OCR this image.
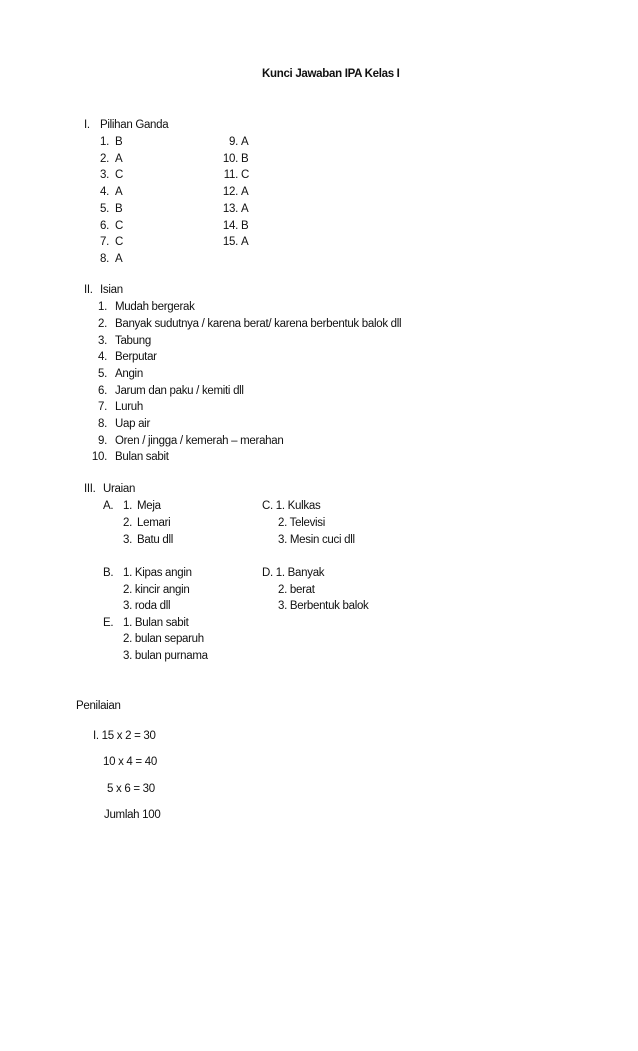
Kunci Jawaban IPA Kelas I
I. Pilihan Ganda
1. B
2. A
3. C
4. A
5. B
6. C
7. C
8. A
9. A
10. B
11. C
12. A
13. A
14. B
15. A
II. Isian
1. Mudah bergerak
2. Banyak sudutnya / karena berat/ karena berbentuk balok dll
3. Tabung
4. Berputar
5. Angin
6. Jarum dan paku / kemiti dll
7. Luruh
8. Uap air
9. Oren / jingga / kemerah – merahan
10. Bulan sabit
III. Uraian
A. 1. Meja
2. Lemari
3. Batu dll
C. 1. Kulkas
2. Televisi
3. Mesin cuci dll
B. 1. Kipas angin
2. kincir angin
3. roda dll
D. 1. Banyak
2. berat
3. Berbentuk balok
E. 1. Bulan sabit
2. bulan separuh
3. bulan purnama
Penilaian
I. 15 x 2 = 30
10 x 4 = 40
5 x 6 = 30
Jumlah 100
